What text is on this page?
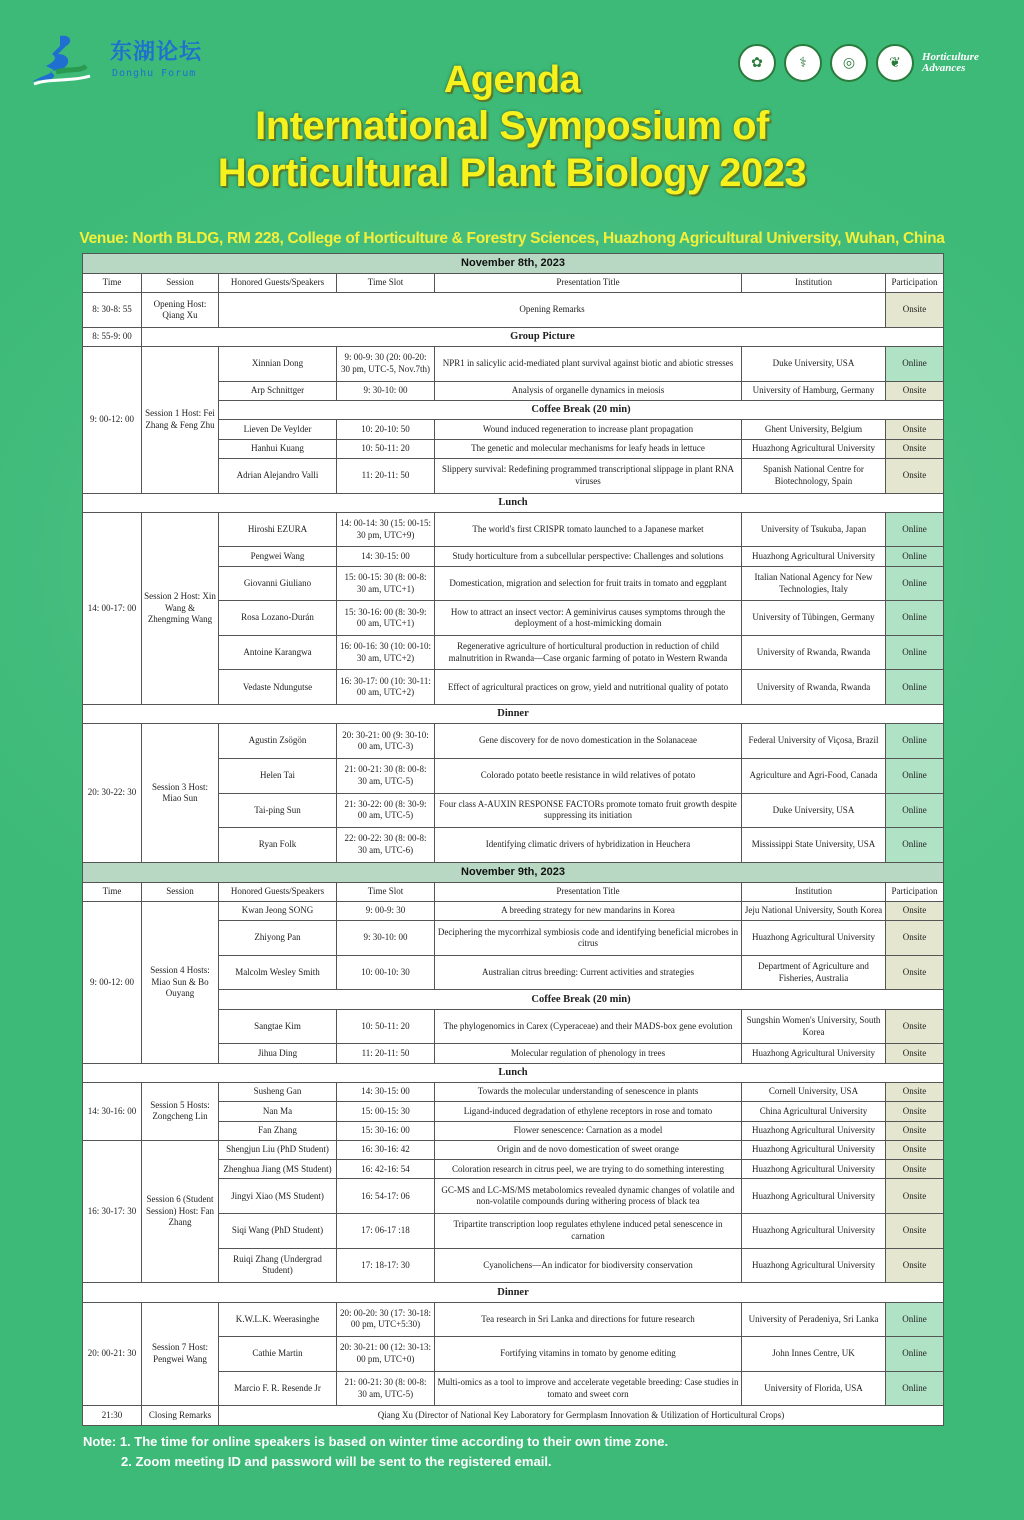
东湖论坛
Donghu Forum
✿	⚕	◎	❦	Horticulture Advances
Agenda
International Symposium of
Horticultural Plant Biology 2023
Venue: North BLDG, RM 228, College of Horticulture & Forestry Sciences, Huazhong Agricultural University, Wuhan, China
November 8th, 2023						
Time	Session	Honored Guests/Speakers	Time Slot	Presentation Title	Institution	Participation
8: 30-8: 55	Opening Host: Qiang Xu	Opening Remarks				Onsite
8: 55-9: 00	Group Picture					
9: 00-12: 00	Session 1 Host: Fei Zhang & Feng Zhu	Xinnian Dong	9: 00-9: 30 (20: 00-20: 30 pm, UTC-5, Nov.7th)	NPR1 in salicylic acid-mediated plant survival against biotic and abiotic stresses	Duke University, USA	Online
		Arp Schnittger	9: 30-10: 00	Analysis of organelle dynamics in meiosis	University of Hamburg, Germany	Onsite
		Coffee Break (20 min)				
		Lieven De Veylder	10: 20-10: 50	Wound induced regeneration to increase plant propagation	Ghent University, Belgium	Onsite
		Hanhui Kuang	10: 50-11: 20	The genetic and molecular mechanisms for leafy heads in lettuce	Huazhong Agricultural University	Onsite
		Adrian Alejandro Valli	11: 20-11: 50	Slippery survival: Redefining programmed transcriptional slippage in plant RNA viruses	Spanish National Centre for Biotechnology, Spain	Onsite
Lunch						
14: 00-17: 00	Session 2 Host: Xin Wang & Zhengming Wang	Hiroshi EZURA	14: 00-14: 30 (15: 00-15: 30 pm, UTC+9)	The world's first CRISPR tomato launched to a Japanese market	University of Tsukuba, Japan	Online
		Pengwei Wang	14: 30-15: 00	Study horticulture from a subcellular perspective: Challenges and solutions	Huazhong Agricultural University	Online
		Giovanni Giuliano	15: 00-15: 30 (8: 00-8: 30 am, UTC+1)	Domestication, migration and selection for fruit traits in tomato and eggplant	Italian National Agency for New Technologies, Italy	Online
		Rosa Lozano-Durán	15: 30-16: 00 (8: 30-9: 00 am, UTC+1)	How to attract an insect vector: A geminivirus causes symptoms through the deployment of a host-mimicking domain	University of Tübingen, Germany	Online
		Antoine Karangwa	16: 00-16: 30 (10: 00-10: 30 am, UTC+2)	Regenerative agriculture of horticultural production in reduction of child malnutrition in Rwanda—Case organic farming of potato in Western Rwanda	University of Rwanda, Rwanda	Online
		Vedaste Ndungutse	16: 30-17: 00 (10: 30-11: 00 am, UTC+2)	Effect of agricultural practices on grow, yield and nutritional quality of potato	University of Rwanda, Rwanda	Online
Dinner						
20: 30-22: 30	Session 3 Host: Miao Sun	Agustin Zsögön	20: 30-21: 00 (9: 30-10: 00 am, UTC-3)	Gene discovery for de novo domestication in the Solanaceae	Federal University of Viçosa, Brazil	Online
		Helen Tai	21: 00-21: 30 (8: 00-8: 30 am, UTC-5)	Colorado potato beetle resistance in wild relatives of potato	Agriculture and Agri-Food, Canada	Online
		Tai-ping Sun	21: 30-22: 00 (8: 30-9: 00 am, UTC-5)	Four class A-AUXIN RESPONSE FACTORs promote tomato fruit growth despite suppressing its initiation	Duke University, USA	Online
		Ryan Folk	22: 00-22: 30 (8: 00-8: 30 am, UTC-6)	Identifying climatic drivers of hybridization in Heuchera	Mississippi State University, USA	Online
November 9th, 2023						
Time	Session	Honored Guests/Speakers	Time Slot	Presentation Title	Institution	Participation
9: 00-12: 00	Session 4 Hosts: Miao Sun & Bo Ouyang	Kwan Jeong SONG	9: 00-9: 30	A breeding strategy for new mandarins in Korea	Jeju National University, South Korea	Onsite
		Zhiyong Pan	9: 30-10: 00	Deciphering the mycorrhizal symbiosis code and identifying beneficial microbes in citrus	Huazhong Agricultural University	Onsite
		Malcolm Wesley Smith	10: 00-10: 30	Australian citrus breeding: Current activities and strategies	Department of Agriculture and Fisheries, Australia	Onsite
		Coffee Break (20 min)				
		Sangtae Kim	10: 50-11: 20	The phylogenomics in Carex (Cyperaceae) and their MADS-box gene evolution	Sungshin Women's University, South Korea	Onsite
		Jihua Ding	11: 20-11: 50	Molecular regulation of phenology in trees	Huazhong Agricultural University	Onsite
Lunch						
14: 30-16: 00	Session 5 Hosts: Zongcheng Lin	Susheng Gan	14: 30-15: 00	Towards the molecular understanding of senescence in plants	Cornell University, USA	Onsite
		Nan Ma	15: 00-15: 30	Ligand-induced degradation of ethylene receptors in rose and tomato	China Agricultural University	Onsite
		Fan Zhang	15: 30-16: 00	Flower senescence: Carnation as a model	Huazhong Agricultural University	Onsite
16: 30-17: 30	Session 6 (Student Session) Host: Fan Zhang	Shengjun Liu (PhD Student)	16: 30-16: 42	Origin and de novo domestication of sweet orange	Huazhong Agricultural University	Onsite
		Zhenghua Jiang (MS Student)	16: 42-16: 54	Coloration research in citrus peel, we are trying to do something interesting	Huazhong Agricultural University	Onsite
		Jingyi Xiao (MS Student)	16: 54-17: 06	GC-MS and LC-MS/MS metabolomics revealed dynamic changes of volatile and non-volatile compounds during withering process of black tea	Huazhong Agricultural University	Onsite
		Siqi Wang (PhD Student)	17: 06-17 :18	Tripartite transcription loop regulates ethylene induced petal senescence in carnation	Huazhong Agricultural University	Onsite
		Ruiqi Zhang (Undergrad Student)	17: 18-17: 30	Cyanolichens—An indicator for biodiversity conservation	Huazhong Agricultural University	Onsite
Dinner						
20: 00-21: 30	Session 7 Host: Pengwei Wang	K.W.L.K. Weerasinghe	20: 00-20: 30 (17: 30-18: 00 pm, UTC+5:30)	Tea research in Sri Lanka and directions for future research	University of Peradeniya, Sri Lanka	Online
		Cathie Martin	20: 30-21: 00 (12: 30-13: 00 pm, UTC+0)	Fortifying vitamins in tomato by genome editing	John Innes Centre, UK	Online
		Marcio F. R. Resende Jr	21: 00-21: 30 (8: 00-8: 30 am, UTC-5)	Multi-omics as a tool to improve and accelerate vegetable breeding: Case studies in tomato and sweet corn	University of Florida, USA	Online
21:30	Closing Remarks	Qiang Xu (Director of National Key Laboratory for Germplasm Innovation & Utilization of Horticultural Crops)				
Note: 1. The time for online speakers is based on winter time according to their own time zone.
2. Zoom meeting ID and password will be sent to the registered email.
